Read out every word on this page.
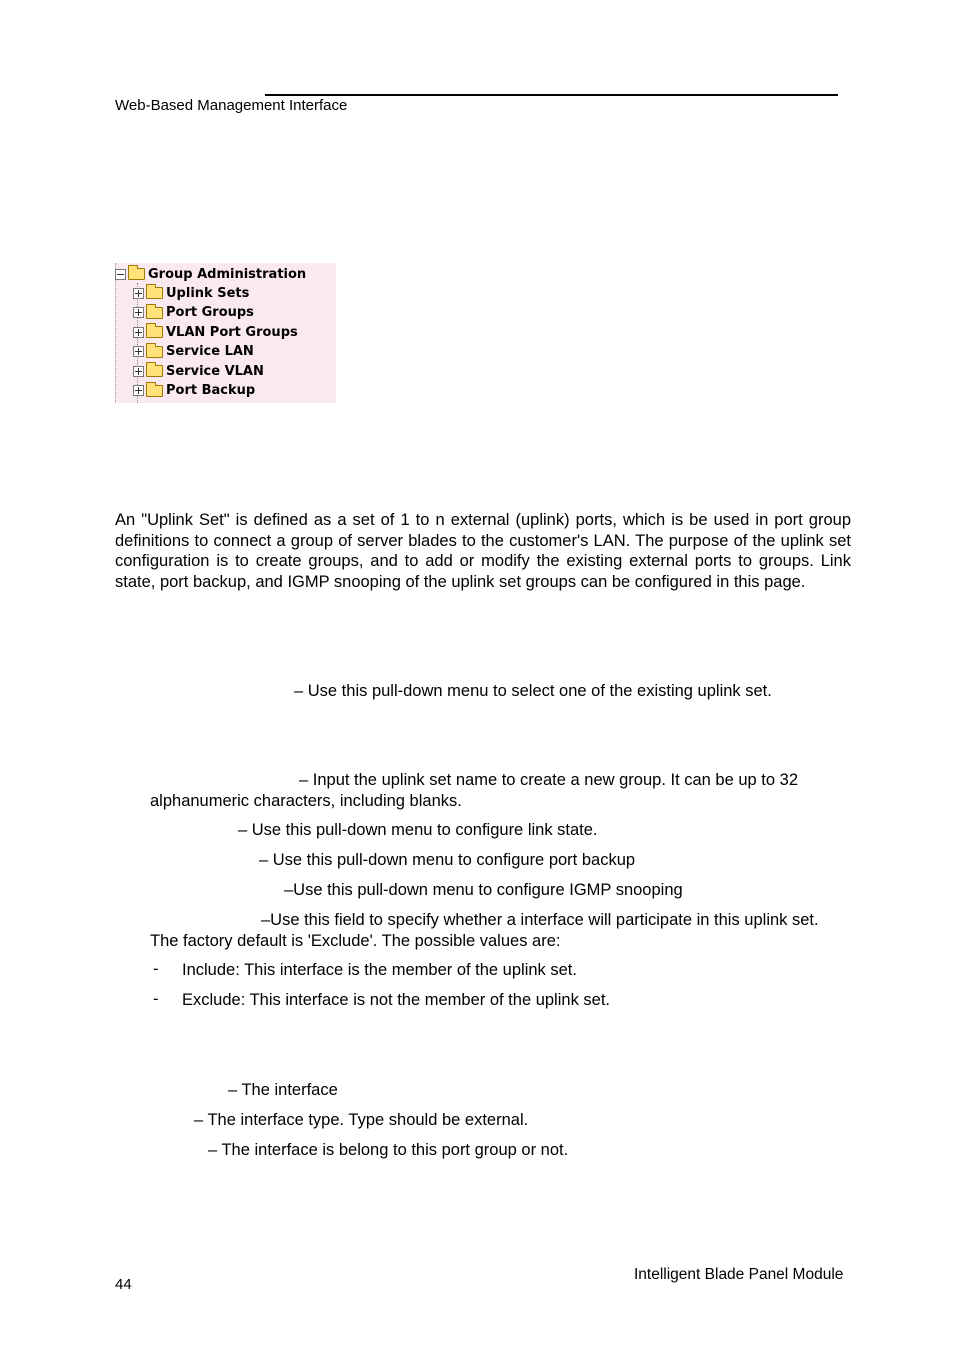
Web-Based Management Interface
Group Administration
Uplink Sets
Port Groups
VLAN Port Groups
Service LAN
Service VLAN
Port Backup
An "Uplink Set" is defined as a set of 1 to n external (uplink) ports, which is be used in port group definitions to connect a group of server blades to the customer's LAN. The purpose of the uplink set configuration is to create groups, and to add or modify the existing external ports to groups. Link state, port backup, and IGMP snooping of the uplink set groups can be configured in this page.
– Use this pull-down menu to select one of the existing uplink set.
– Input the uplink set name to create a new group. It can be up to 32
alphanumeric characters, including blanks.
– Use this pull-down menu to configure link state.
– Use this pull-down menu to configure port backup
–Use this pull-down menu to configure IGMP snooping
–Use this field to specify whether a interface will participate in this uplink set.
The factory default is 'Exclude'. The possible values are:
- Include: This interface is the member of the uplink set.
- Exclude: This interface is not the member of the uplink set.
– The interface
– The interface type. Type should be external.
– The interface is belong to this port group or not.
44
Intelligent Blade Panel Module
